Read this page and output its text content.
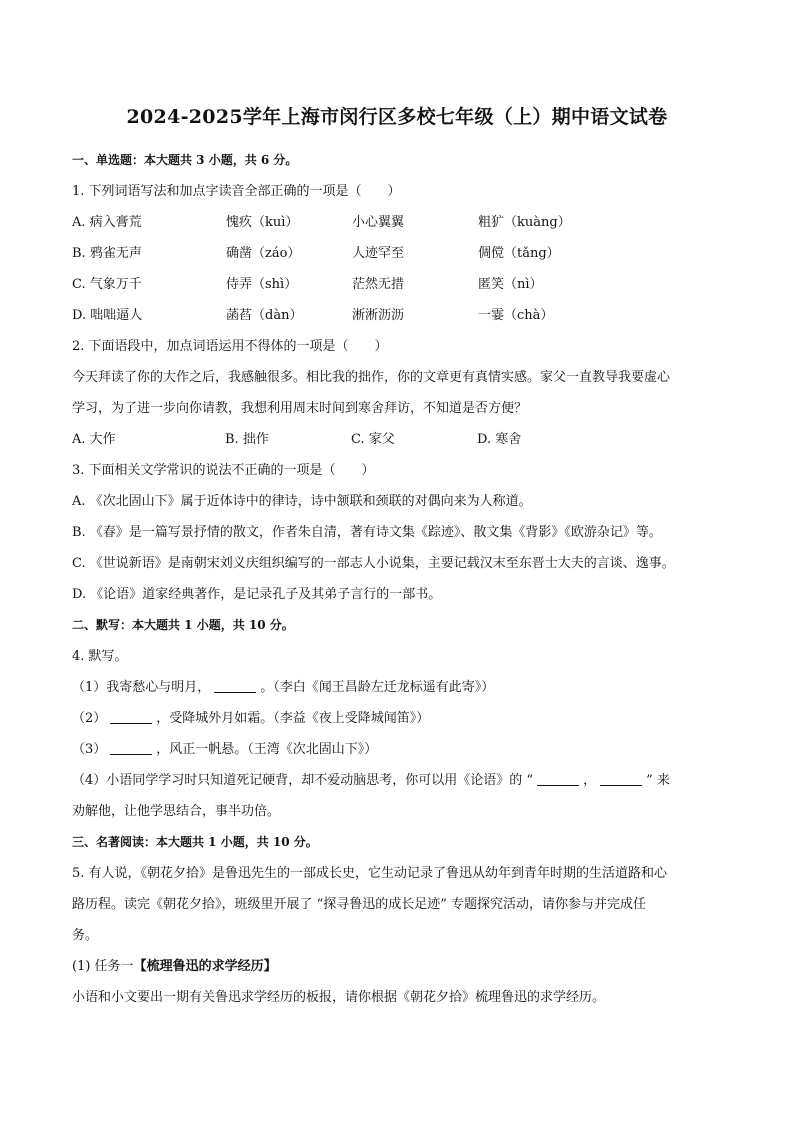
2024-2025学年上海市闵行区多校七年级（上）期中语文试卷
一、单选题：本大题共 3 小题，共 6 分。
1. 下列词语写法和加点字读音全部正确的一项是（　　）
A. 病入膏荒	愧疚（kuì）	小心翼翼	粗犷（kuàng）
B. 鸦雀无声	确凿（záo）	人迹罕至	倜傥（tǎng）
C. 气象万千	侍弄（shì）	茫然无措	匿笑（nì）
D. 咄咄逼人	菡萏（dàn）	淅淅沥沥	一霎（chà）
2. 下面语段中，加点词语运用不得体的一项是（　　）
今天拜读了你的大作之后，我感触很多。相比我的拙作，你的文章更有真情实感。家父一直教导我要虚心
学习，为了进一步向你请教，我想利用周末时间到寒舍拜访，不知道是否方便？
A. 大作	B. 拙作	C. 家父	D. 寒舍
3. 下面相关文学常识的说法不正确的一项是（　　）
A. 《次北固山下》属于近体诗中的律诗，诗中颔联和颈联的对偶向来为人称道。
B. 《春》是一篇写景抒情的散文，作者朱自清，著有诗文集《踪迹》、散文集《背影》《欧游杂记》等。
C. 《世说新语》是南朝宋刘义庆组织编写的一部志人小说集，主要记载汉末至东晋士大夫的言谈、逸事。
D. 《论语》道家经典著作，是记录孔子及其弟子言行的一部书。
二、默写：本大题共 1 小题，共 10 分。
4. 默写。
（1）我寄愁心与明月，	。（李白《闻王昌龄左迁龙标遥有此寄》）
（2）	，受降城外月如霜。（李益《夜上受降城闻笛》）
（3）	，风正一帆悬。（王湾《次北固山下》）
（4）小语同学学习时只知道死记硬背，却不爱动脑思考，你可以用《论语》的 “	，	” 来
劝解他，让他学思结合，事半功倍。
三、名著阅读：本大题共 1 小题，共 10 分。
5. 有人说，《朝花夕拾》是鲁迅先生的一部成长史，它生动记录了鲁迅从幼年到青年时期的生活道路和心
路历程。读完《朝花夕拾》，班级里开展了 “探寻鲁迅的成长足迹” 专题探究活动，请你参与并完成任
务。
(1) 任务一【梳理鲁迅的求学经历】
小语和小文要出一期有关鲁迅求学经历的板报，请你根据《朝花夕拾》梳理鲁迅的求学经历。
